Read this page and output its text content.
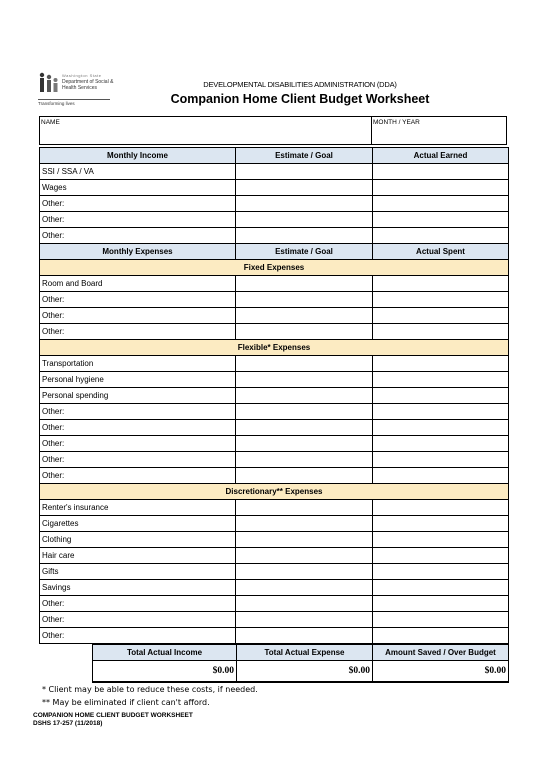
Washington State
Department of Social & Health Services
Transforming lives
DEVELOPMENTAL DISABILITIES ADMINISTRATION (DDA)
Companion Home Client Budget Worksheet
NAME	MONTH / YEAR

Monthly Income	Estimate / Goal	Actual Earned
SSI / SSA / VA		
Wages		
Other:		
Other:		
Other:		
Monthly Expenses	Estimate / Goal	Actual Spent
Fixed Expenses		
Room and Board		
Other:		
Other:		
Other:		
Flexible* Expenses		
Transportation		
Personal hygiene		
Personal spending		
Other:		
Other:		
Other:		
Other:		
Other:		
Discretionary** Expenses		
Renter's insurance		
Cigarettes		
Clothing		
Hair care		
Gifts		
Savings		
Other:		
Other:		
Other:		
Total Actual Income	Total Actual Expense	Amount Saved / Over Budget
$0.00	$0.00	$0.00
* Client may be able to reduce these costs, if needed.
** May be eliminated if client can't afford.
COMPANION HOME CLIENT BUDGET WORKSHEET
DSHS 17-257 (11/2018)
